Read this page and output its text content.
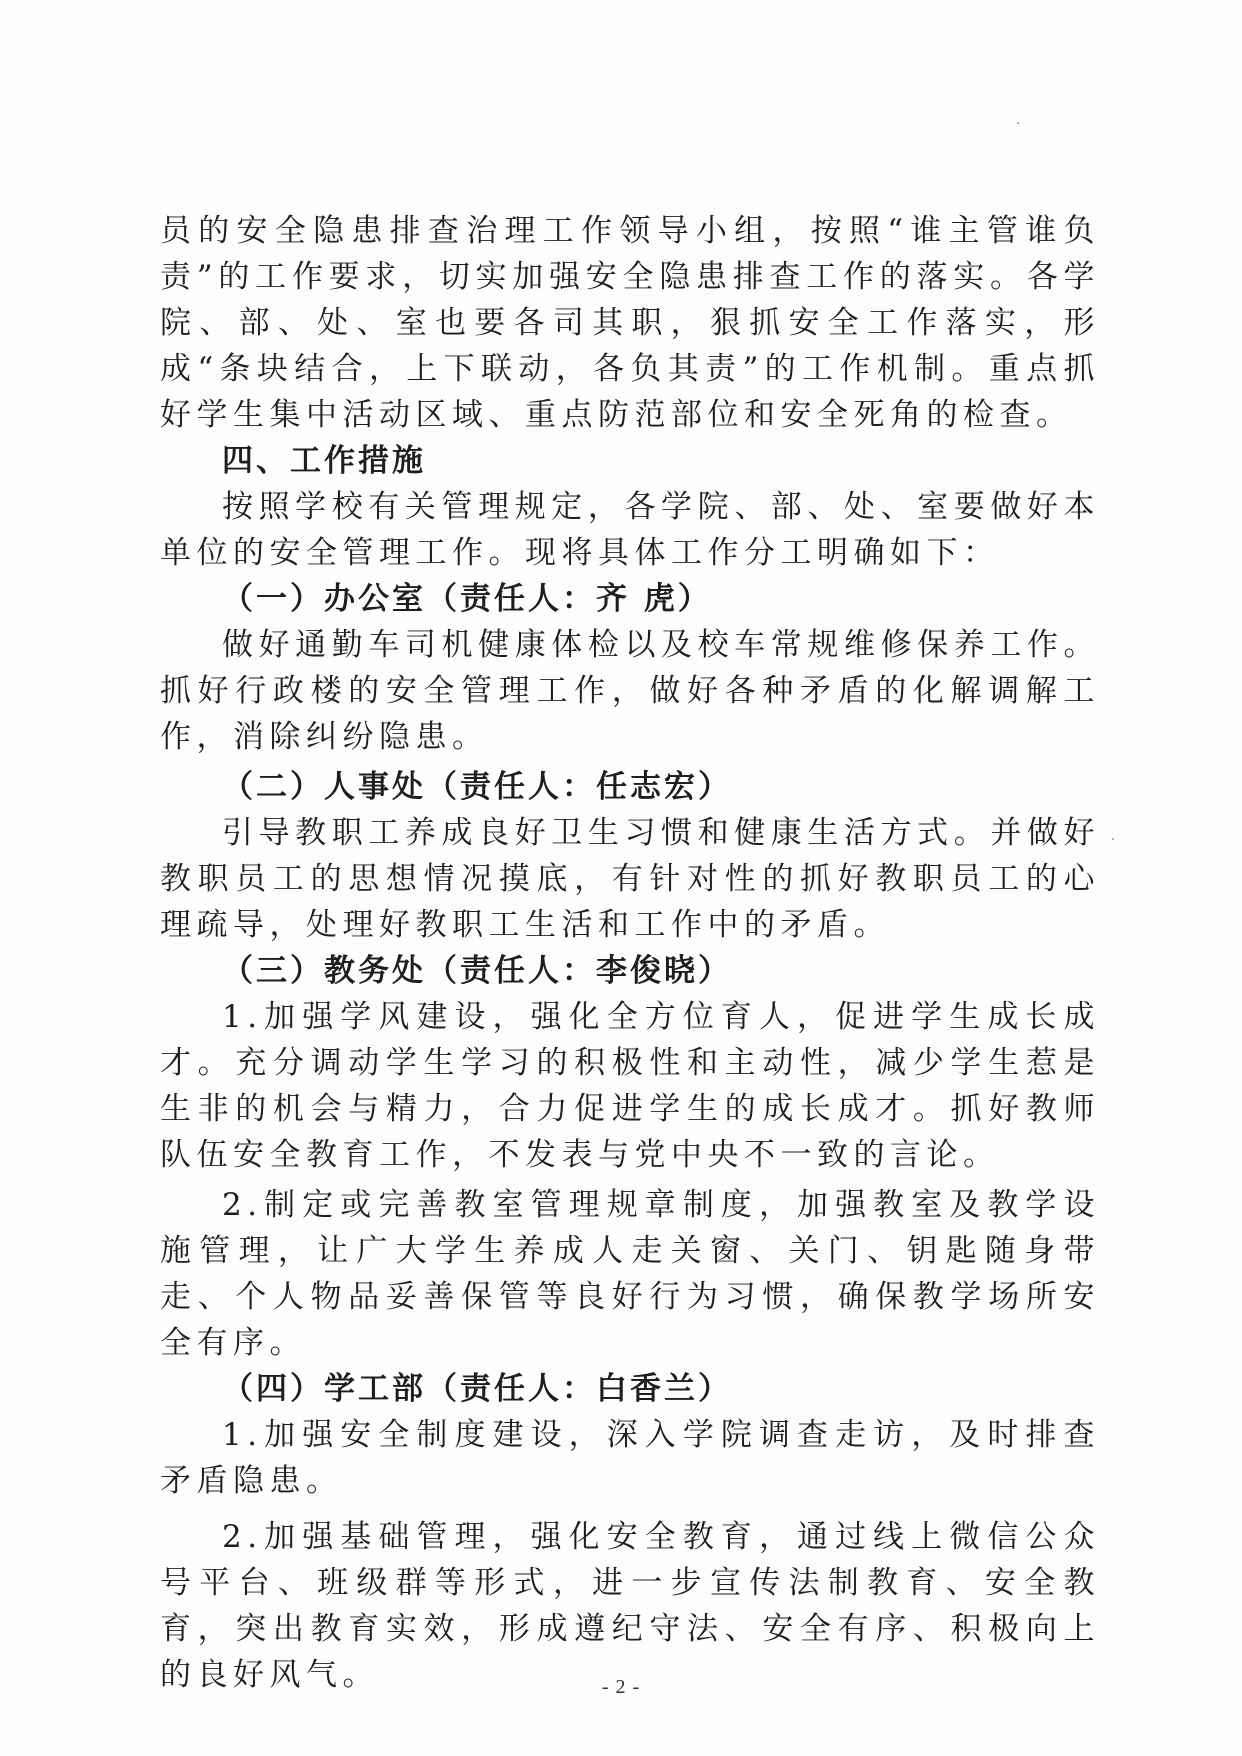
员的安全隐患排查治理工作领导小组，按照“谁主管谁负责”的工作要求，切实加强安全隐患排查工作的落实。各学院、部、处、室也要各司其职，狠抓安全工作落实，形成“条块结合，上下联动，各负其责”的工作机制。重点抓好学生集中活动区域、重点防范部位和安全死角的检查。

四、工作措施

按照学校有关管理规定，各学院、部、处、室要做好本单位的安全管理工作。现将具体工作分工明确如下：

（一）办公室（责任人：齐 虎）

做好通勤车司机健康体检以及校车常规维修保养工作。抓好行政楼的安全管理工作，做好各种矛盾的化解调解工作，消除纠纷隐患。

（二）人事处（责任人：任志宏）

引导教职工养成良好卫生习惯和健康生活方式。并做好教职员工的思想情况摸底，有针对性的抓好教职员工的心理疏导，处理好教职工生活和工作中的矛盾。

（三）教务处（责任人：李俊晓）

1.加强学风建设，强化全方位育人，促进学生成长成才。充分调动学生学习的积极性和主动性，减少学生惹是生非的机会与精力，合力促进学生的成长成才。抓好教师队伍安全教育工作，不发表与党中央不一致的言论。

2.制定或完善教室管理规章制度，加强教室及教学设施管理，让广大学生养成人走关窗、关门、钥匙随身带走、个人物品妥善保管等良好行为习惯，确保教学场所安全有序。

（四）学工部（责任人：白香兰）

1.加强安全制度建设，深入学院调查走访，及时排查矛盾隐患。

2.加强基础管理，强化安全教育，通过线上微信公众号平台、班级群等形式，进一步宣传法制教育、安全教育，突出教育实效，形成遵纪守法、安全有序、积极向上的良好风气。	- 2 -
